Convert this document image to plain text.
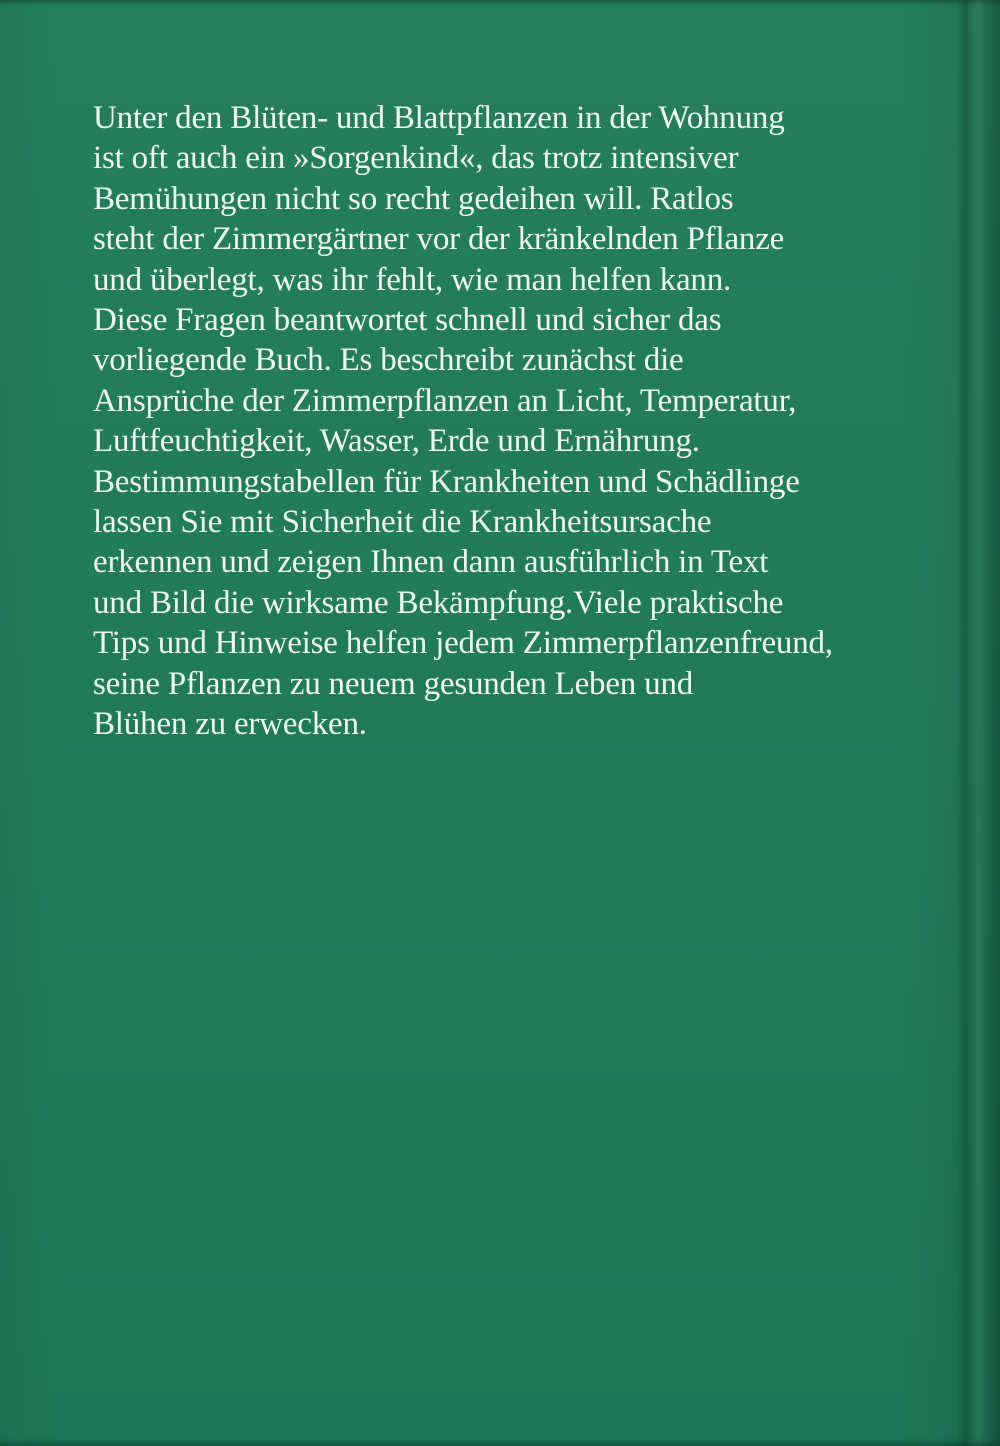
Unter den Blüten- und Blattpflanzen in der Wohnung
ist oft auch ein »Sorgenkind«, das trotz intensiver
Bemühungen nicht so recht gedeihen will. Ratlos
steht der Zimmergärtner vor der kränkelnden Pflanze
und überlegt, was ihr fehlt, wie man helfen kann.
Diese Fragen beantwortet schnell und sicher das
vorliegende Buch. Es beschreibt zunächst die
Ansprüche der Zimmerpflanzen an Licht, Temperatur,
Luftfeuchtigkeit, Wasser, Erde und Ernährung.
Bestimmungstabellen für Krankheiten und Schädlinge
lassen Sie mit Sicherheit die Krankheitsursache
erkennen und zeigen Ihnen dann ausführlich in Text
und Bild die wirksame Bekämpfung.Viele praktische
Tips und Hinweise helfen jedem Zimmerpflanzenfreund,
seine Pflanzen zu neuem gesunden Leben und
Blühen zu erwecken.
